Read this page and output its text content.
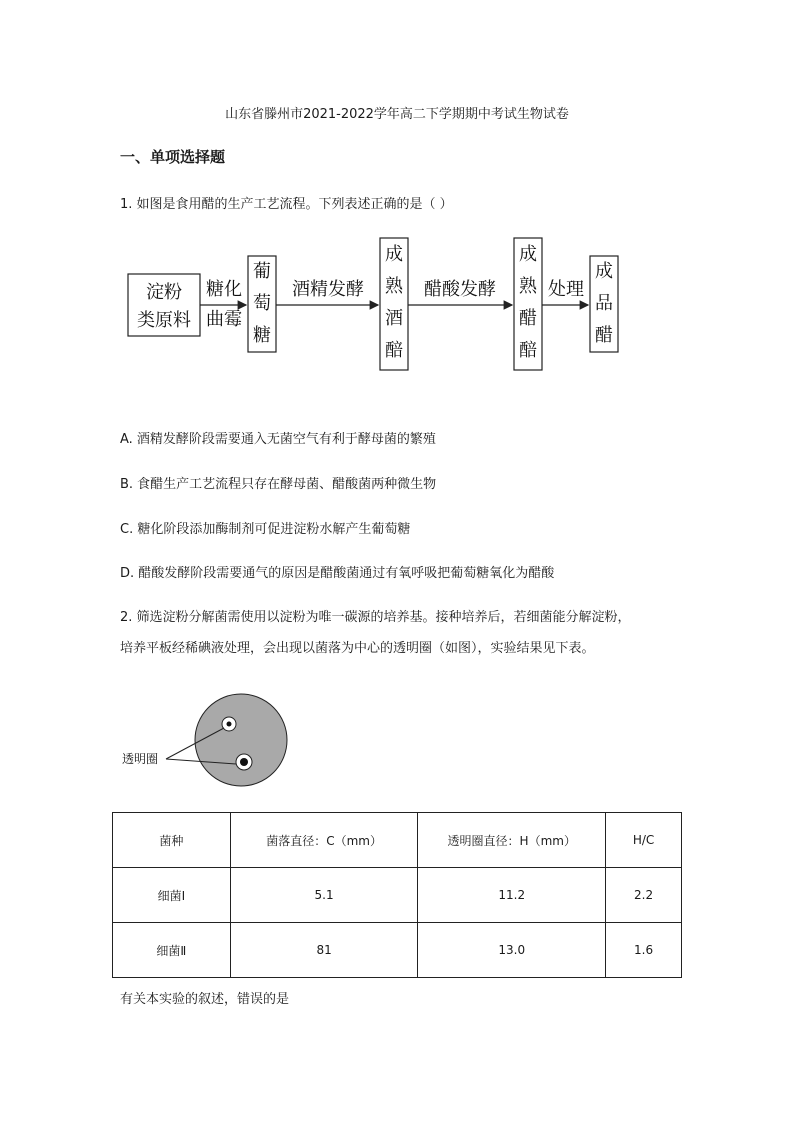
山东省滕州市2021-2022学年高二下学期期中考试生物试卷
一、单项选择题
1. 如图是食用醋的生产工艺流程。下列表述正确的是（ ）
淀粉
类原料
糖化
曲霉
葡
萄
糖
酒精发酵
成
熟
酒
醅
醋酸发酵
成
熟
醋
醅
处理
成
品
醋
A. 酒精发酵阶段需要通入无菌空气有利于酵母菌的繁殖
B. 食醋生产工艺流程只存在酵母菌、醋酸菌两种微生物
C. 糖化阶段添加酶制剂可促进淀粉水解产生葡萄糖
D. 醋酸发酵阶段需要通气的原因是醋酸菌通过有氧呼吸把葡萄糖氧化为醋酸
2. 筛选淀粉分解菌需使用以淀粉为唯一碳源的培养基。接种培养后，若细菌能分解淀粉，
培养平板经稀碘液处理，会出现以菌落为中心的透明圈（如图），实验结果见下表。
透明圈
菌种	菌落直径：C（mm）	透明圈直径：H（mm）	H/C
细菌Ⅰ	5.1	11.2	2.2
细菌Ⅱ	81	13.0	1.6
有关本实验的叙述，错误的是
